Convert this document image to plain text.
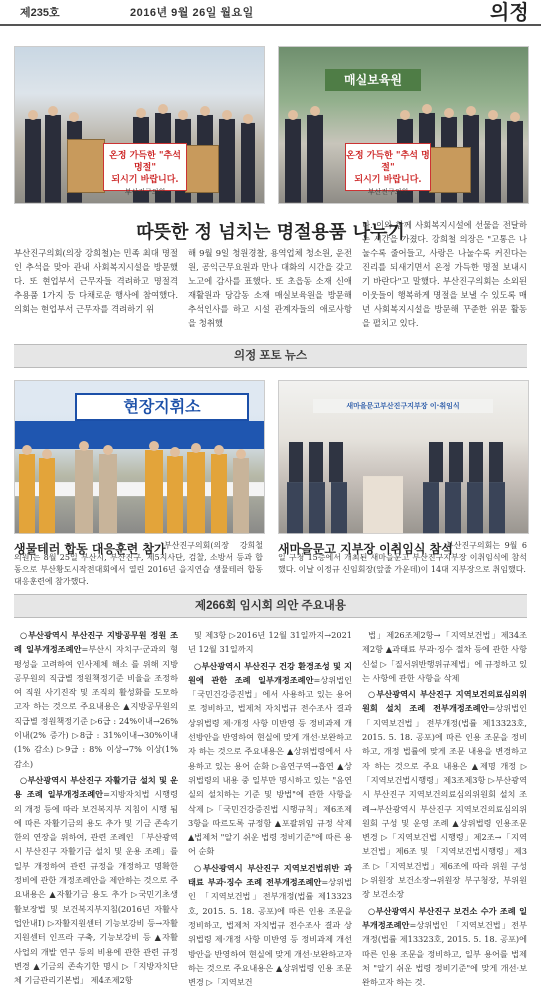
제235호	2016년 9월 26일 월요일	의정
온정 가득한 "추석 명절"
되시기 바랍니다.
부산진구의회
매실보육원
온정 가득한 "추석 명절"
되시기 바랍니다.
부산진구의회
따뜻한 정 넘치는 명절용품 나누기
부산진구의회(의장 강희철)는 민족 최대 명절인 추석을 맞아 관내 사회복지시설을 방문했다. 또 현업부서 근무자들 격려하고 명절격 추용품 1가지 등 다채로운 행사에 참여했다. 의회는 현업부서 근무자를 격려하기 위
해 9월 9일 청원경찰, 용역업체 청소원, 운전원, 공익근무요원과 만나 대화의 시간을 갖고 노고에 감사를 표했다. 또 초읍동 소재 신애재활원과 당감동 소재 매실보육원을 방문해 추석인사를 하고 시설 관계자들의 애로사항을 청취했
다. 이와 함께 사회복지시설에 선물을 전달하는 시간을 가졌다. 강희철 의장은 "고통은 나눌수록 줄어들고, 사랑은 나눌수록 커진다는 진리를 되새기면서 온정 가득한 명절 보내시기 바란다"고 말했다. 부산진구의회는 소외된 이웃들이 행복하게 명절을 보낼 수 있도록 매년 사회복지시설을 방문해 꾸준한 위문 활동을 펼치고 있다.
의정 포토 뉴스
현장지휘소	새마을문고부산진구지부장 이·취임식
생물테러 합동 대응훈련 참가
부산진구의회(의장 강희철 의원)는 8월 25일 부산시, 부산진구, 제5지사단, 검찰, 소방서 등과 합동으로 부산황도시작전대회에서 열린 2016년 을지연습 생물테러 합동 대응훈련에 참가했다.
새마을문고 지부장 이취임식 참석
부산진구의회는 9월 6일 구청 15층에서 개최된 새마을문고 부산진구지부장 이취임식에 참석했다. 이날 이정규 신임회장(앞줄 가운데)이 14대 지부장으로 취임했다.
제266회 임시회 의안 주요내용

○부산광역시 부산진구 지방공무원 정원 조례 일부개정조례안=부산시 자치구·군과의 형평성을 고려하여 인사제체 해소 를 위해 지방공무원의 직급별 정원책정기준 비율을 조정하여 직원 사기진작 및 조직의 활성화를 도모하고자 하는 것으로 주요내용은 ▲지방공무원의 직급별 정원책정기준 ▷6급 : 24%이내→26%이내(2% 증가) ▷8급 : 31%이내→30%이내(1% 감소) ▷9급 : 8% 이상→7% 이상(1% 감소)

○부산광역시 부산진구 자활기금 설치 및 운용 조례 일부개정조례안=지방자치법 시행령의 개정 등에 따라 보건복지부 지침이 시행 됨에 따른 자활기금의 용도 추가 및 기금 존속기한의 연장을 위하여, 관련 조례인 「부산광역시 부산진구 자활기금 설치 및 운용 조례」를 일부 개정하여 관련 규정을 개정하고 명확한 정비에 관한 개정조례안을 제안하는 것으로 주요내용은 ▲자활기금 용도 추가 ▷국민기초생활보장법 및 보건복지부지침(2016년 자활사업안내Ⅰ) ▷자활지원센터 기능보강비 등→자활지원센터 인프라 구축, 기능보강비 등 ▲자활사업의 개발 연구 등의 비용에 관한 관련 규정 변경 ▲기금의 존속기한 명시 ▷「지방자치단체 기금관리기본법」 제4조제2항

및 제3항 ▷2016년 12월 31일까지→2021년 12월 31일까지

○부산광역시 부산진구 건강 환경조성 및 지원에 관한 조례 일부개정조례안=상위법인 「국민건강증진법」에서 사용하고 있는 용어로 정비하고, 법제처 자치법규 전수조사 결과 상위법령 제·개정 사항 미반영 등 정비과제 개선방안을 반영하여 현실에 맞게 개선·보완하고자 하는 것으로 주요내용은 ▲상위법령에서 사용하고 있는 용어 순화 ▷음연구역→흡연 ▲상위법령의 내용 중 일부만 명시하고 있는 "음연실의 설치하는 기준 및 방법"에 관한 사항을 삭제 ▷「국민건강증진법 시행규칙」제6조제3항을 따르도록 규정함 ▲포괄위임 규정 삭제 ▲법제처 "알기 쉬운 법령 정비기준"에 따른 용어 순화

○부산광역시 부산진구 지역보건법위반 과태료 부과·징수 조례 전부개정조례안=상위법인 「지역보건법」전부개정(법률 제13323호, 2015. 5. 18. 공포)에 따른 인용 조문을 정비하고, 법제처 자치법규 전수조사 결과 상위법령 제·개정 사항 미반영 등 정비과제 개선방안을 반영하여 현실에 맞게 개선·보완하고자 하는 것으로 주요내용은 ▲상위법령 인용 조문 변경 ▷「지역보건

법」제26조제2항→「지역보건법」제34조제2항 ▲과태료 부과·징수 절차 등에 관한 사항 신설 ▷「질서위반행위규제법」에 규정하고 있는 사항에 관한 사항을 삭제

○부산광역시 부산진구 지역보건의료심의위원회 설치 조례 전부개정조례안=상위법인 「지역보건법」전부개정(법률 제13323호, 2015. 5. 18. 공포)에 따른 인용 조문을 정비하고, 개정 법률에 맞게 조문 내용을 변경하고자 하는 것으로 주요 내용은 ▲제명 개정 ▷「지역보건법시행령」제3조제3항 ▷부산광역시 부산진구 지역보건의료심의위원회 설치 조례→부산광역시 부산진구 지역보건의료심의위원회 구성 및 운영 조례 ▲상위법령 인용조문 변경 ▷「지역보건법 시행령」제2조→「지역보건법」제6조 및 「지역보건법시행령」제3조 ▷「지역보건법」제6조에 따라 위원 구성 ▷위원장 보건소장→위원장 부구청장, 부위원장 보건소장

○부산광역시 부산진구 보건소 수가 조례 일부개정조례안=상위법인 「지역보건법」전부개정(법률 제13323호, 2015. 5. 18. 공포)에 따른 인용 조문을 정비하고, 일부 용어를 법제처 "알기 쉬운 법령 정비기준"에 맞게 개선·보완하고자 하는 것.
